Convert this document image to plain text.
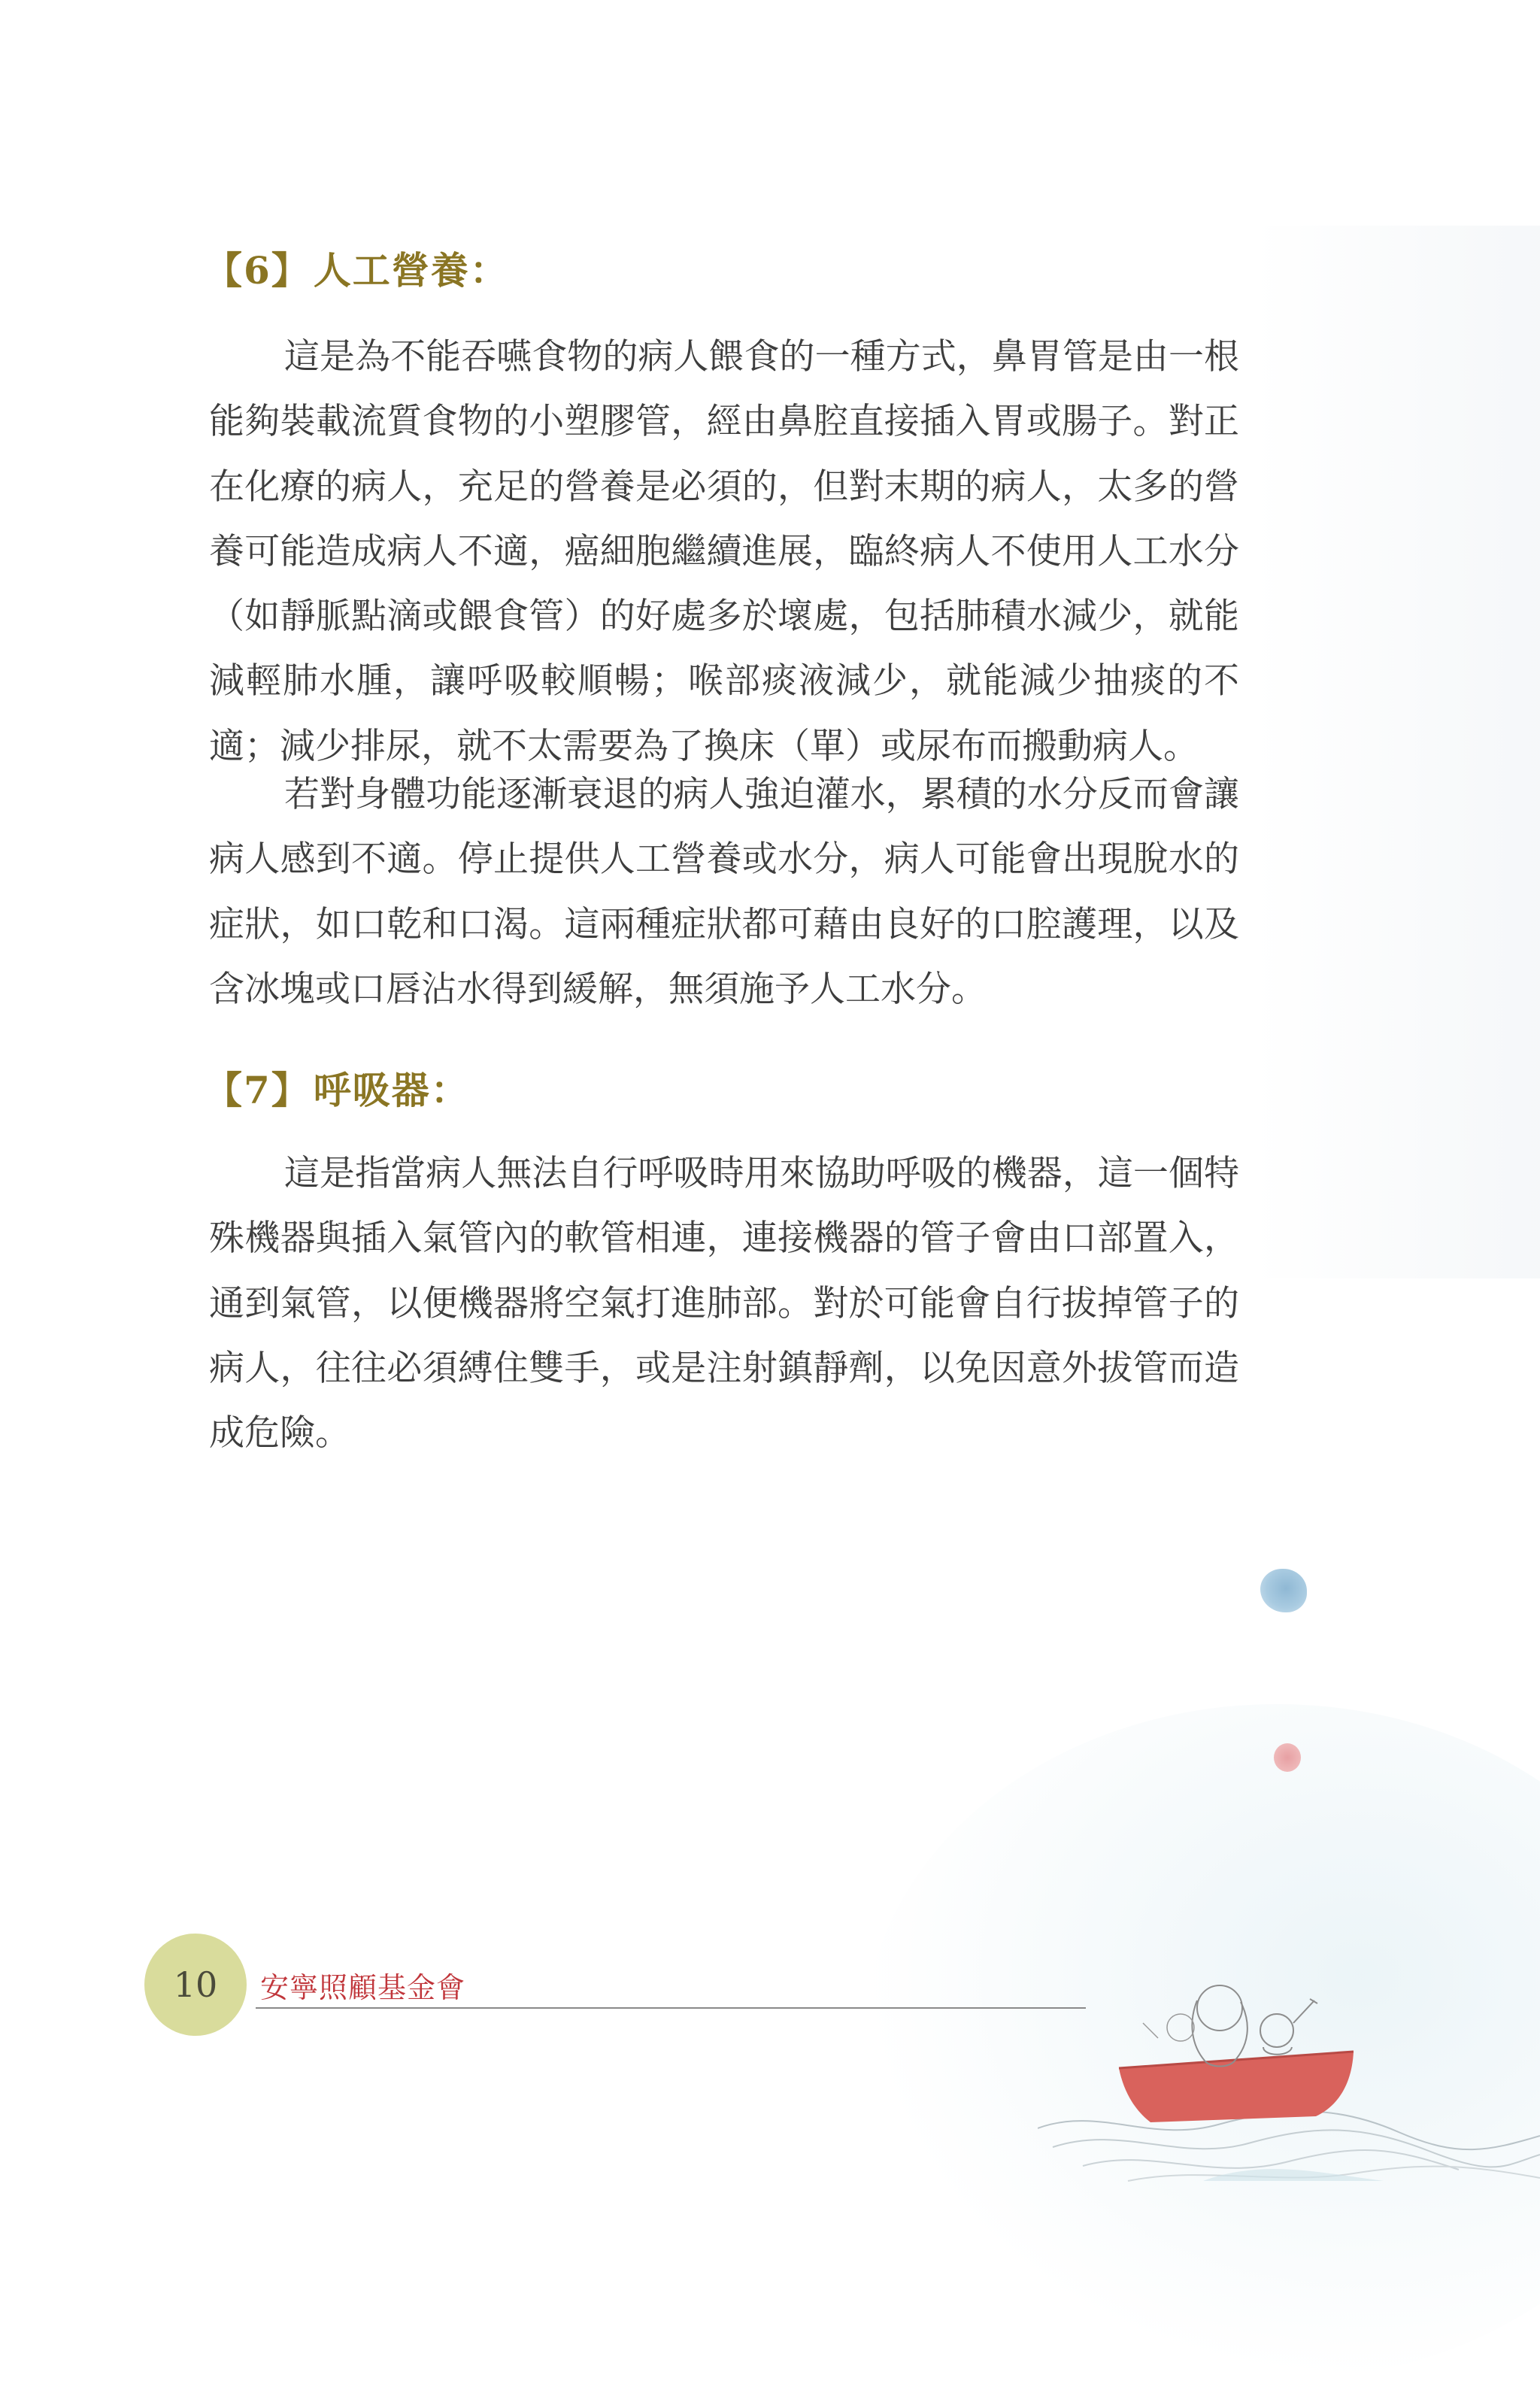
【6】人工營養：

這是為不能吞嚥食物的病人餵食的一種方式，鼻胃管是由一根能夠裝載流質食物的小塑膠管，經由鼻腔直接插入胃或腸子。對正在化療的病人，充足的營養是必須的，但對末期的病人，太多的營養可能造成病人不適，癌細胞繼續進展，臨終病人不使用人工水分（如靜脈點滴或餵食管）的好處多於壞處，包括肺積水減少，就能減輕肺水腫，讓呼吸較順暢；喉部痰液減少，就能減少抽痰的不適；減少排尿，就不太需要為了換床（單）或尿布而搬動病人。

若對身體功能逐漸衰退的病人強迫灌水，累積的水分反而會讓病人感到不適。停止提供人工營養或水分，病人可能會出現脫水的症狀，如口乾和口渴。這兩種症狀都可藉由良好的口腔護理，以及含冰塊或口唇沾水得到緩解，無須施予人工水分。

【7】呼吸器：

這是指當病人無法自行呼吸時用來協助呼吸的機器，這一個特殊機器與插入氣管內的軟管相連，連接機器的管子會由口部置入，通到氣管，以便機器將空氣打進肺部。對於可能會自行拔掉管子的病人，往往必須縛住雙手，或是注射鎮靜劑，以免因意外拔管而造成危險。

10	安寧照顧基金會
